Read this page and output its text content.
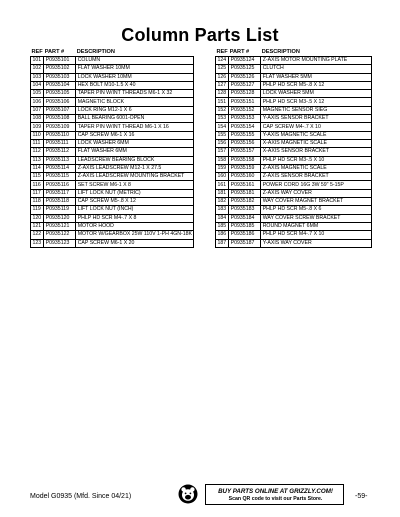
Column Parts List
REF	PART #	DESCRIPTION
101	P0935101	COLUMN
102	P0935102	FLAT WASHER 10MM
103	P0935103	LOCK WASHER 10MM
104	P0935104	HEX BOLT M10-1.5 X 40
105	P0935105	TAPER PIN W/INT THREADS M6-1 X 32
106	P0935106	MAGNETIC BLOCK
107	P0935107	LOCK RING M12-1 X 6
108	P0935108	BALL BEARING 6001-OPEN
109	P0935109	TAPER PIN W/INT THREAD M6-1 X 16
110	P0935110	CAP SCREW M6-1 X 16
111	P0935111	LOCK WASHER 6MM
112	P0935112	FLAT WASHER 6MM
113	P0935113	LEADSCREW BEARING BLOCK
114	P0935114	Z-AXIS LEADSCREW M12-1 X 27.5
115	P0935115	Z-AXIS LEADSCREW MOUNTING BRACKET
116	P0935116	SET SCREW M6-1 X 8
117	P0935117	LIFT LOCK NUT (METRIC)
118	P0935118	CAP SCREW M5-.8 X 12
119	P0935119	LIFT LOCK NUT (INCH)
120	P0935120	PHLP HD SCR M4-.7 X 8
121	P0935121	MOTOR HOOD
122	P0935122	MOTOR W/GEARBOX 25W 110V 1-PH 4GN-18K
123	P0935123	CAP SCREW M6-1 X 20
REF	PART #	DESCRIPTION
124	P0935124	Z-AXIS MOTOR MOUNTING PLATE
125	P0935125	CLUTCH
126	P0935126	FLAT WASHER 5MM
127	P0935127	PHLP HD SCR M5-.8 X 12
128	P0935128	LOCK WASHER 5MM
151	P0935151	PHLP HD SCR M3-.5 X 12
152	P0935152	MAGNETIC SENSOR SIEG
153	P0935153	Y-AXIS SENSOR BRACKET
154	P0935154	CAP SCREW M4-.7 X 10
155	P0935155	Y-AXIS MAGNETIC SCALE
156	P0935156	X-AXIS MAGNETIC SCALE
157	P0935157	X-AXIS SENSOR BRACKET
158	P0935158	PHLP HD SCR M3-.5 X 10
159	P0935159	Z-AXIS MAGNETIC SCALE
160	P0935160	Z-AXIS SENSOR BRACKET
161	P0935161	POWER CORD 16G 3W 59" 5-15P
181	P0935181	Z-AXIS WAY COVER
182	P0935182	WAY COVER MAGNET BRACKET
183	P0935183	PHLP HD SCR M5-.8 X 6
184	P0935184	WAY COVER SCREW BRACKET
185	P0935185	ROUND MAGNET 6MM
186	P0935186	PHLP HD SCR M4-.7 X 10
187	P0935187	Y-AXIS WAY COVER
Model G0935 (Mfd. Since 04/21)
BUY PARTS ONLINE AT GRIZZLY.COM!
Scan QR code to visit our Parts Store.	-59-
